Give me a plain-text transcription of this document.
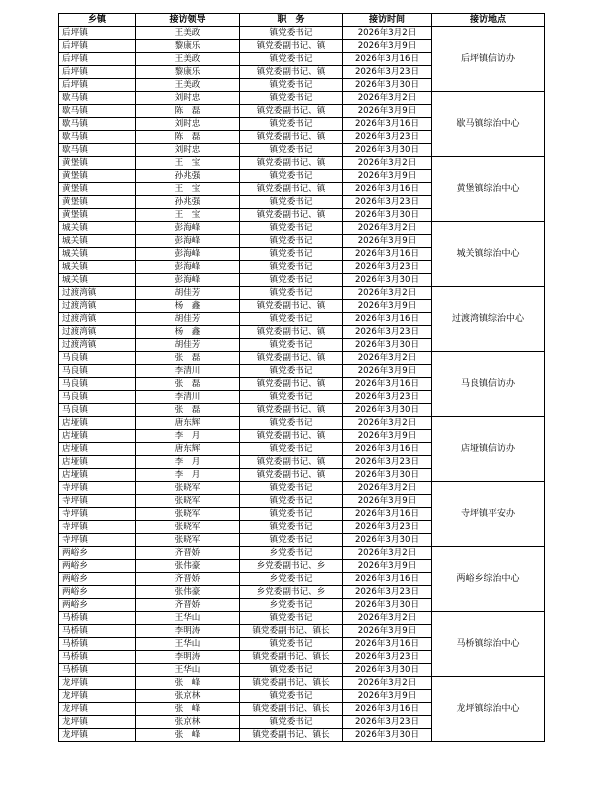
乡镇	接访领导	职　务	接访时间	接访地点
后坪镇	王美政	镇党委书记	2026年3月2日	后坪镇信访办
后坪镇	黎康乐	镇党委副书记、镇	2026年3月9日	
后坪镇	王美政	镇党委书记	2026年3月16日	
后坪镇	黎康乐	镇党委副书记、镇	2026年3月23日	
后坪镇	王美政	镇党委书记	2026年3月30日	
歇马镇	刘时忠	镇党委书记	2026年3月2日	歇马镇综治中心
歇马镇	陈　磊	镇党委副书记、镇	2026年3月9日	
歇马镇	刘时忠	镇党委书记	2026年3月16日	
歇马镇	陈　磊	镇党委副书记、镇	2026年3月23日	
歇马镇	刘时忠	镇党委书记	2026年3月30日	
黄堡镇	王　宝	镇党委副书记、镇	2026年3月2日	黄堡镇综治中心
黄堡镇	孙兆强	镇党委书记	2026年3月9日	
黄堡镇	王　宝	镇党委副书记、镇	2026年3月16日	
黄堡镇	孙兆强	镇党委书记	2026年3月23日	
黄堡镇	王　宝	镇党委副书记、镇	2026年3月30日	
城关镇	彭海峰	镇党委书记	2026年3月2日	城关镇综治中心
城关镇	彭海峰	镇党委书记	2026年3月9日	
城关镇	彭海峰	镇党委书记	2026年3月16日	
城关镇	彭海峰	镇党委书记	2026年3月23日	
城关镇	彭海峰	镇党委书记	2026年3月30日	
过渡湾镇	胡佳芳	镇党委书记	2026年3月2日	过渡湾镇综治中心
过渡湾镇	杨　鑫	镇党委副书记、镇	2026年3月9日	
过渡湾镇	胡佳芳	镇党委书记	2026年3月16日	
过渡湾镇	杨　鑫	镇党委副书记、镇	2026年3月23日	
过渡湾镇	胡佳芳	镇党委书记	2026年3月30日	
马良镇	张　磊	镇党委副书记、镇	2026年3月2日	马良镇信访办
马良镇	李清川	镇党委书记	2026年3月9日	
马良镇	张　磊	镇党委副书记、镇	2026年3月16日	
马良镇	李清川	镇党委书记	2026年3月23日	
马良镇	张　磊	镇党委副书记、镇	2026年3月30日	
店垭镇	唐东辉	镇党委书记	2026年3月2日	店垭镇信访办
店垭镇	李　月	镇党委副书记、镇	2026年3月9日	
店垭镇	唐东辉	镇党委书记	2026年3月16日	
店垭镇	李　月	镇党委副书记、镇	2026年3月23日	
店垭镇	李　月	镇党委副书记、镇	2026年3月30日	
寺坪镇	张晓军	镇党委书记	2026年3月2日	寺坪镇平安办
寺坪镇	张晓军	镇党委书记	2026年3月9日	
寺坪镇	张晓军	镇党委书记	2026年3月16日	
寺坪镇	张晓军	镇党委书记	2026年3月23日	
寺坪镇	张晓军	镇党委书记	2026年3月30日	
两峪乡	齐晋娇	乡党委书记	2026年3月2日	两峪乡综治中心
两峪乡	张伟豪	乡党委副书记、乡	2026年3月9日	
两峪乡	齐晋娇	乡党委书记	2026年3月16日	
两峪乡	张伟豪	乡党委副书记、乡	2026年3月23日	
两峪乡	齐晋娇	乡党委书记	2026年3月30日	
马桥镇	王华山	镇党委书记	2026年3月2日	马桥镇综治中心
马桥镇	李明涛	镇党委副书记、镇长	2026年3月9日	
马桥镇	王华山	镇党委书记	2026年3月16日	
马桥镇	李明涛	镇党委副书记、镇长	2026年3月23日	
马桥镇	王华山	镇党委书记	2026年3月30日	
龙坪镇	张　峰	镇党委副书记、镇长	2026年3月2日	龙坪镇综治中心
龙坪镇	张京林	镇党委书记	2026年3月9日	
龙坪镇	张　峰	镇党委副书记、镇长	2026年3月16日	
龙坪镇	张京林	镇党委书记	2026年3月23日	
龙坪镇	张　峰	镇党委副书记、镇长	2026年3月30日	
